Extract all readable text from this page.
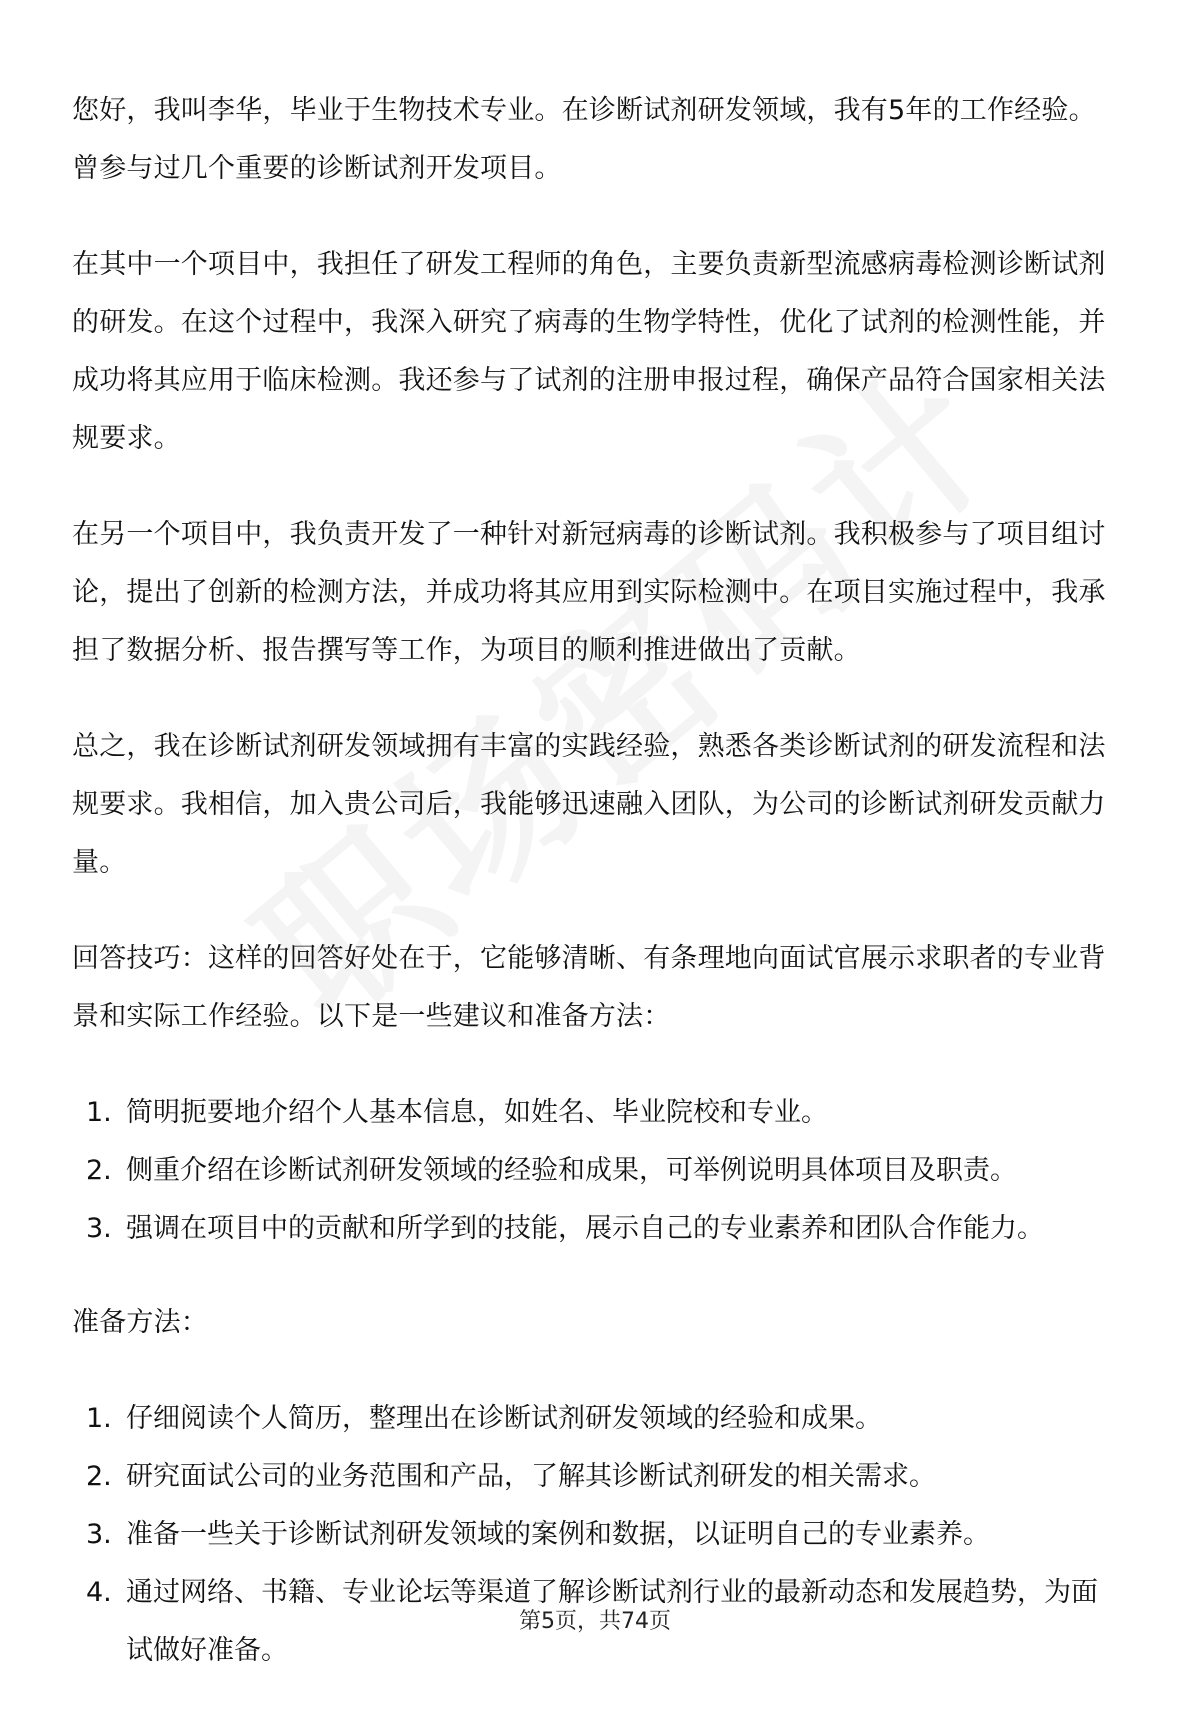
您好，我叫李华，毕业于生物技术专业。在诊断试剂研发领域，我有5年的工作经验。曾参与过几个重要的诊断试剂开发项目。

在其中一个项目中，我担任了研发工程师的角色，主要负责新型流感病毒检测诊断试剂的研发。在这个过程中，我深入研究了病毒的生物学特性，优化了试剂的检测性能，并成功将其应用于临床检测。我还参与了试剂的注册申报过程，确保产品符合国家相关法规要求。

在另一个项目中，我负责开发了一种针对新冠病毒的诊断试剂。我积极参与了项目组讨论，提出了创新的检测方法，并成功将其应用到实际检测中。在项目实施过程中，我承担了数据分析、报告撰写等工作，为项目的顺利推进做出了贡献。

总之，我在诊断试剂研发领域拥有丰富的实践经验，熟悉各类诊断试剂的研发流程和法规要求。我相信，加入贵公司后，我能够迅速融入团队，为公司的诊断试剂研发贡献力量。

回答技巧：这样的回答好处在于，它能够清晰、有条理地向面试官展示求职者的专业背景和实际工作经验。以下是一些建议和准备方法：

1. 简明扼要地介绍个人基本信息，如姓名、毕业院校和专业。
2. 侧重介绍在诊断试剂研发领域的经验和成果，可举例说明具体项目及职责。
3. 强调在项目中的贡献和所学到的技能，展示自己的专业素养和团队合作能力。

准备方法：

1. 仔细阅读个人简历，整理出在诊断试剂研发领域的经验和成果。
2. 研究面试公司的业务范围和产品，了解其诊断试剂研发的相关需求。
3. 准备一些关于诊断试剂研发领域的案例和数据，以证明自己的专业素养。
4. 通过网络、书籍、专业论坛等渠道了解诊断试剂行业的最新动态和发展趋势，为面试做好准备。
第5页，共74页
